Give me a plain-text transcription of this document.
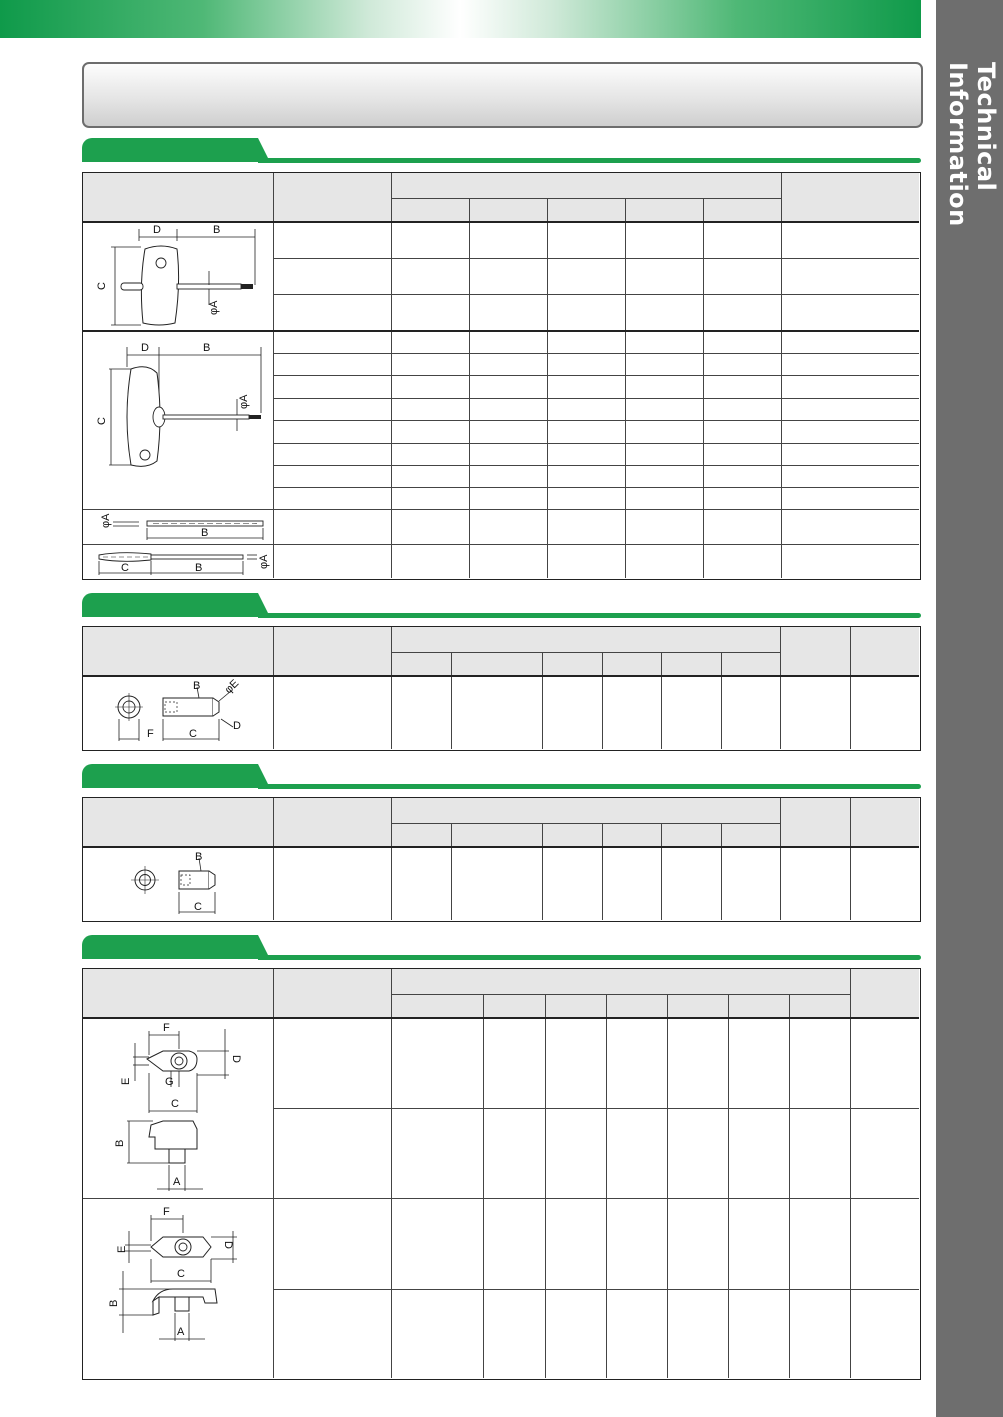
Technical Information
D	B
C
φA
D	B
C
φA
φA
B
C	B	φA
B φE
F	C
D
B
C
F
D
E	G
C
B
A
F
D
E
C
B
A
